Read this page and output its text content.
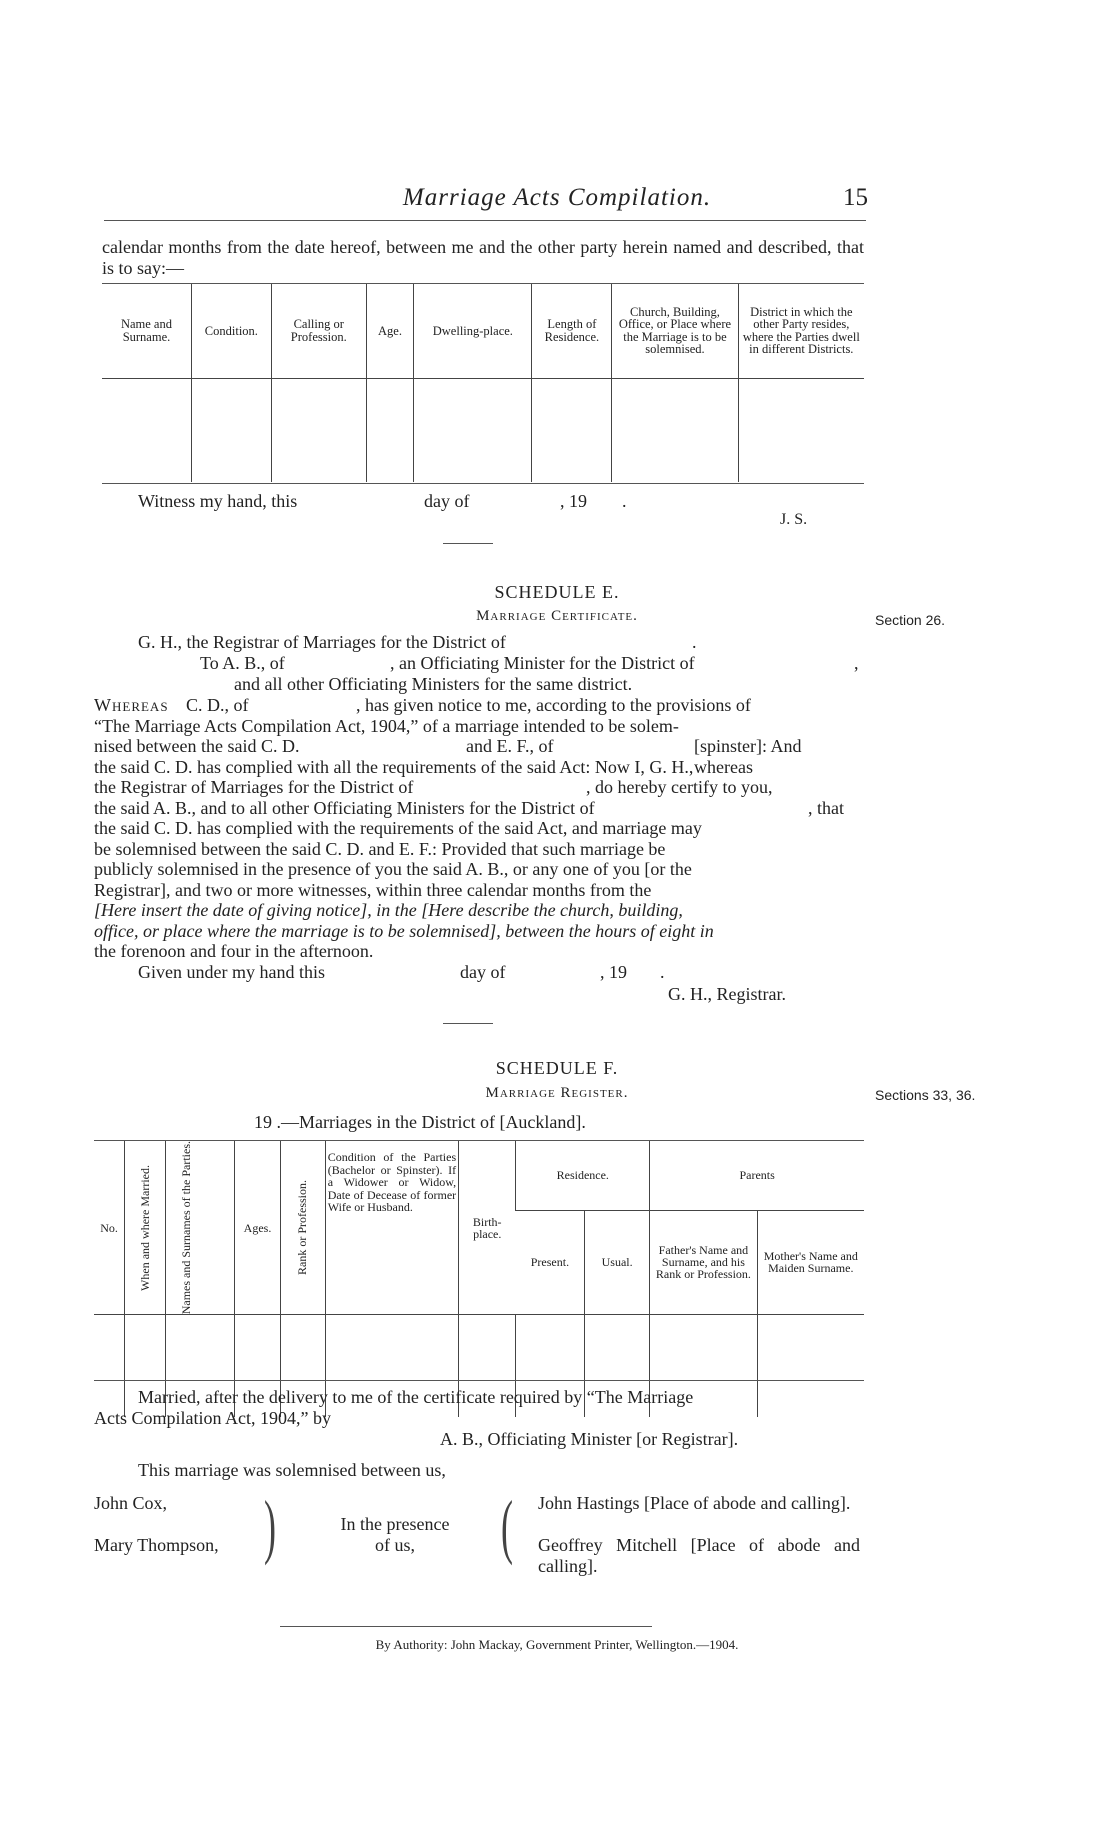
Marriage Acts Compilation.	15
calendar months from the date hereof, between me and the other party herein named and described, that is to say:—
Name and Surname.	Condition.	Calling or Profession.	Age.	Dwelling-place.	Length of Residence.	Church, Building, Office, or Place where the Marriage is to be solemnised.	District in which the other Party resides, where the Parties dwell in different Districts.

Witness my hand, this	day of	, 19 .
J. S.
SCHEDULE E.
Marriage Certificate.	Section 26.
G. H., the Registrar of Marriages for the District of	.
To A. B., of	, an Officiating Minister for the District of	,
and all other Officiating Ministers for the same district.
Whereas C. D., of	, has given notice to me, according to the provisions of
“The Marriage Acts Compilation Act, 1904,” of a marriage intended to be solem-
nised between the said C. D.	and E. F., of	[spinster]: And whereas
the said C. D. has complied with all the requirements of the said Act: Now I, G. H.,
the Registrar of Marriages for the District of	, do hereby certify to you,
the said A. B., and to all other Officiating Ministers for the District of	, that
the said C. D. has complied with the requirements of the said Act, and marriage may
be solemnised between the said C. D. and E. F.: Provided that such marriage be
publicly solemnised in the presence of you the said A. B., or any one of you [or the
Registrar], and two or more witnesses, within three calendar months from the
[Here insert the date of giving notice], in the [Here describe the church, building,
office, or place where the marriage is to be solemnised], between the hours of eight in
the forenoon and four in the afternoon.
Given under my hand this	day of	, 19 .
G. H., Registrar.
SCHEDULE F.
Marriage Register.	Sections 33, 36.
19 .—Marriages in the District of [Auckland].
No.	When and where Married.	Names and Surnames of the Parties.	Ages.	Rank or Profession.	Condition of the Parties (Bachelor or Spinster). If a Widower or Widow, Date of Decease of former Wife or Husband.	Birth-place.	Residence.		Parents	
							Present.	Usual.	Father's Name and Surname, and his Rank or Profession.	Mother's Name and Maiden Surname.

Married, after the delivery to me of the certificate required by “The Marriage
Acts Compilation Act, 1904,” by
A. B., Officiating Minister [or Registrar].
This marriage was solemnised between us,
John Cox,
Mary Thompson, )	In the presence
of us,	( John Hastings [Place of abode and calling].
Geoffrey Mitchell [Place of abode and calling].
By Authority: John Mackay, Government Printer, Wellington.—1904.
